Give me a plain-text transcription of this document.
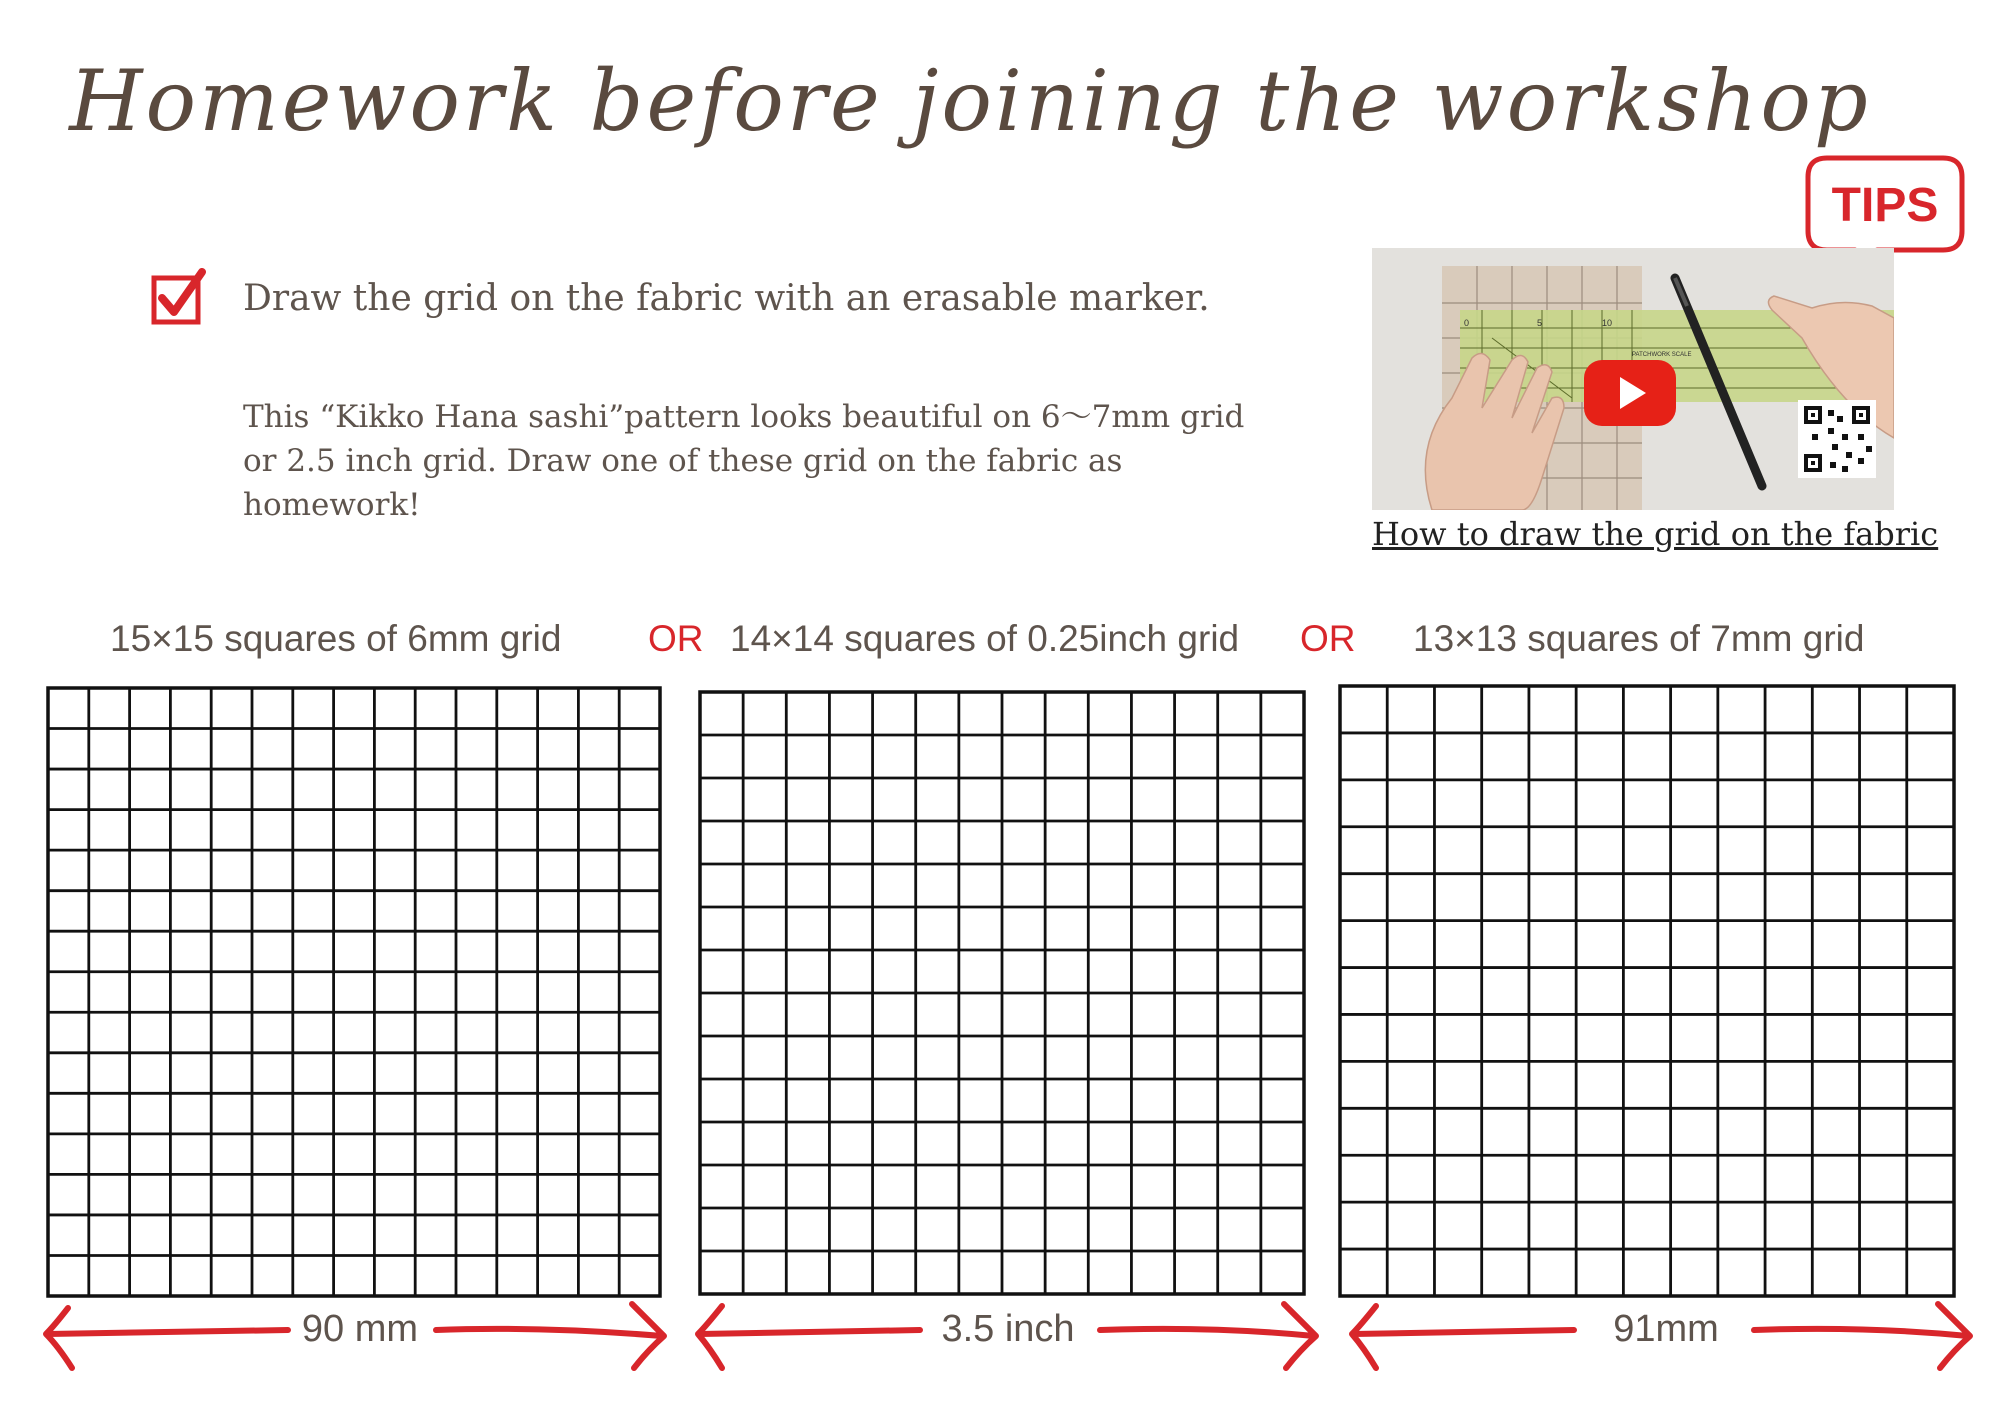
Homework before joining the workshop

Draw the grid on the fabric with an erasable marker.

This “Kikko Hana sashi”pattern looks beautiful on 6〜7mm grid
or 2.5 inch grid. Draw one of these grid on the fabric as homework!
TIPS
0	5	10
PATCHWORK SCALE
How to draw the grid on the fabric
15×15 squares of 6mm grid OR 14×14 squares of 0.25inch grid OR 13×13 squares of 7mm grid
90 mm	3.5 inch	91mm
